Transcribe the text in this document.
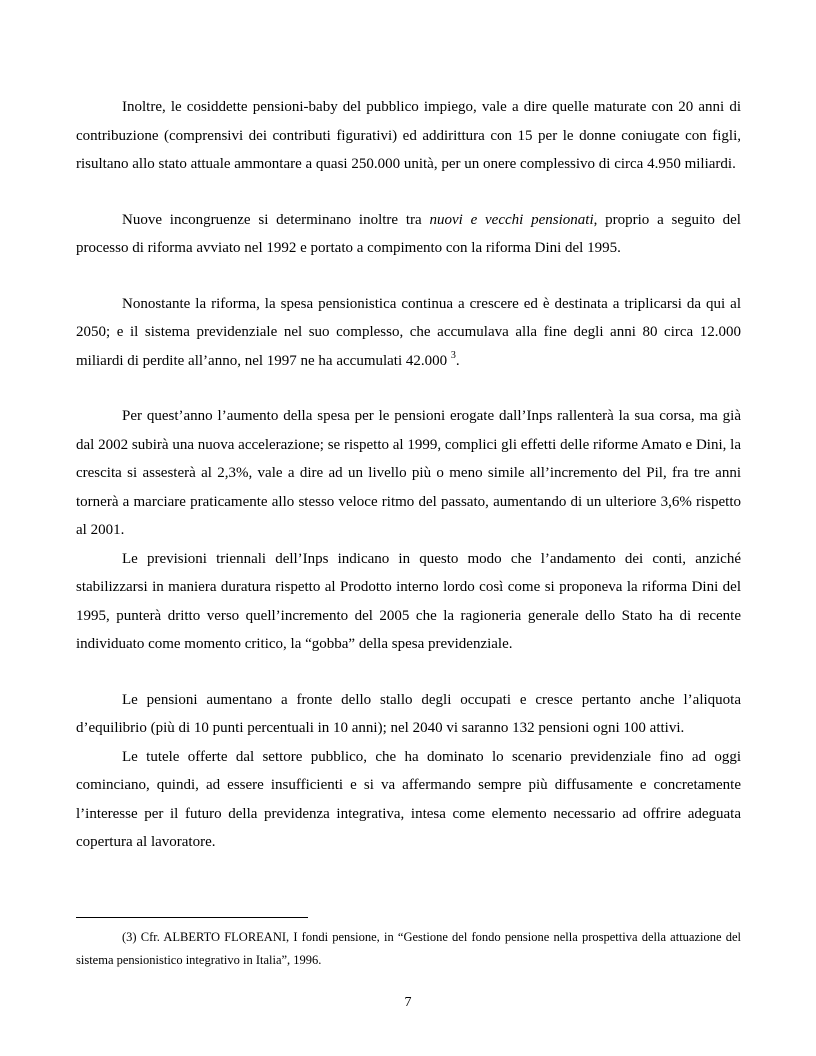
Inoltre, le cosiddette pensioni-baby del pubblico impiego, vale a dire quelle maturate con 20 anni di contribuzione (comprensivi dei contributi figurativi) ed addirittura con 15 per le donne coniugate con figli, risultano allo stato attuale ammontare a quasi 250.000 unità, per un onere complessivo di circa 4.950 miliardi.

Nuove incongruenze si determinano inoltre tra nuovi e vecchi pensionati, proprio a seguito del processo di riforma avviato nel 1992 e portato a compimento con la riforma Dini del 1995.

Nonostante la riforma, la spesa pensionistica continua a crescere ed è destinata a triplicarsi da qui al 2050; e il sistema previdenziale nel suo complesso, che accumulava alla fine degli anni 80 circa 12.000 miliardi di perdite all’anno, nel 1997 ne ha accumulati 42.000 $^3$.

Per quest’anno l’aumento della spesa per le pensioni erogate dall’Inps rallenterà la sua corsa, ma già dal 2002 subirà una nuova accelerazione; se rispetto al 1999, complici gli effetti delle riforme Amato e Dini, la crescita si assesterà al 2,3%, vale a dire ad un livello più o meno simile all’incremento del Pil, fra tre anni tornerà a marciare praticamente allo stesso veloce ritmo del passato, aumentando di un ulteriore 3,6% rispetto al 2001.

Le previsioni triennali dell’Inps indicano in questo modo che l’andamento dei conti, anziché stabilizzarsi in maniera duratura rispetto al Prodotto interno lordo così come si proponeva la riforma Dini del 1995, punterà dritto verso quell’incremento del 2005 che la ragioneria generale dello Stato ha di recente individuato come momento critico, la “gobba” della spesa previdenziale.

Le pensioni aumentano a fronte dello stallo degli occupati e cresce pertanto anche l’aliquota d’equilibrio (più di 10 punti percentuali in 10 anni); nel 2040 vi saranno 132 pensioni ogni 100 attivi.

Le tutele offerte dal settore pubblico, che ha dominato lo scenario previdenziale fino ad oggi cominciano, quindi, ad essere insufficienti e si va affermando sempre più diffusamente e concretamente l’interesse per il futuro della previdenza integrativa, intesa come elemento necessario ad offrire adeguata copertura al lavoratore.

(3) Cfr. ALBERTO FLOREANI, I fondi pensione, in “Gestione del fondo pensione nella prospettiva della attuazione del sistema pensionistico integrativo in Italia”, 1996.

7
